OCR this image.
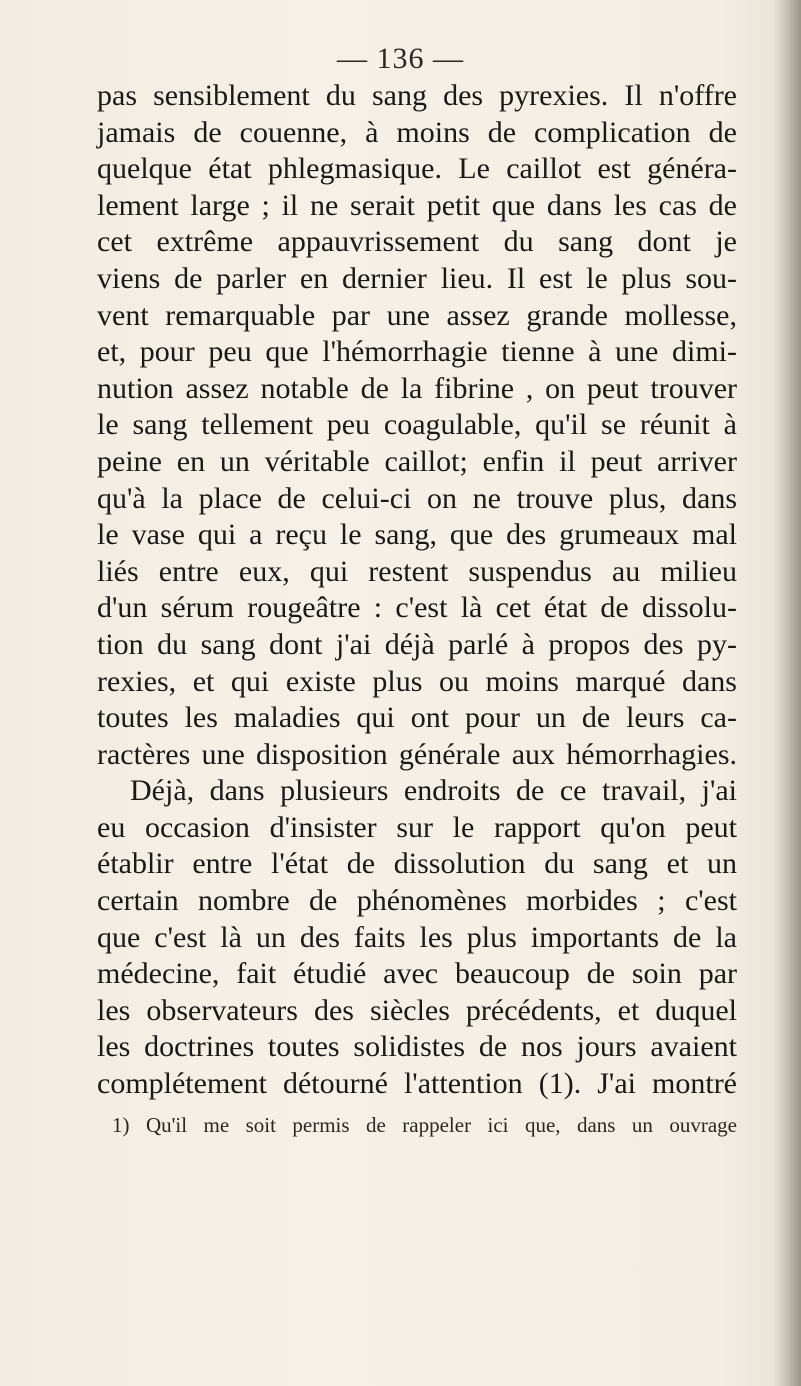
— 136 —
pas sensiblement du sang des pyrexies. Il n'offre
jamais de couenne, à moins de complication de
quelque état phlegmasique. Le caillot est généra-
lement large ; il ne serait petit que dans les cas de
cet extrême appauvrissement du sang dont je
viens de parler en dernier lieu. Il est le plus sou-
vent remarquable par une assez grande mollesse,
et, pour peu que l'hémorrhagie tienne à une dimi-
nution assez notable de la fibrine , on peut trouver
le sang tellement peu coagulable, qu'il se réunit à
peine en un véritable caillot; enfin il peut arriver
qu'à la place de celui-ci on ne trouve plus, dans
le vase qui a reçu le sang, que des grumeaux mal
liés entre eux, qui restent suspendus au milieu
d'un sérum rougeâtre : c'est là cet état de dissolu-
tion du sang dont j'ai déjà parlé à propos des py-
rexies, et qui existe plus ou moins marqué dans
toutes les maladies qui ont pour un de leurs ca-
ractères une disposition générale aux hémorrhagies.
Déjà, dans plusieurs endroits de ce travail, j'ai
eu occasion d'insister sur le rapport qu'on peut
établir entre l'état de dissolution du sang et un
certain nombre de phénomènes morbides ; c'est
que c'est là un des faits les plus importants de la
médecine, fait étudié avec beaucoup de soin par
les observateurs des siècles précédents, et duquel
les doctrines toutes solidistes de nos jours avaient
complétement détourné l'attention (1). J'ai montré
1) Qu'il me soit permis de rappeler ici que, dans un ouvrage
